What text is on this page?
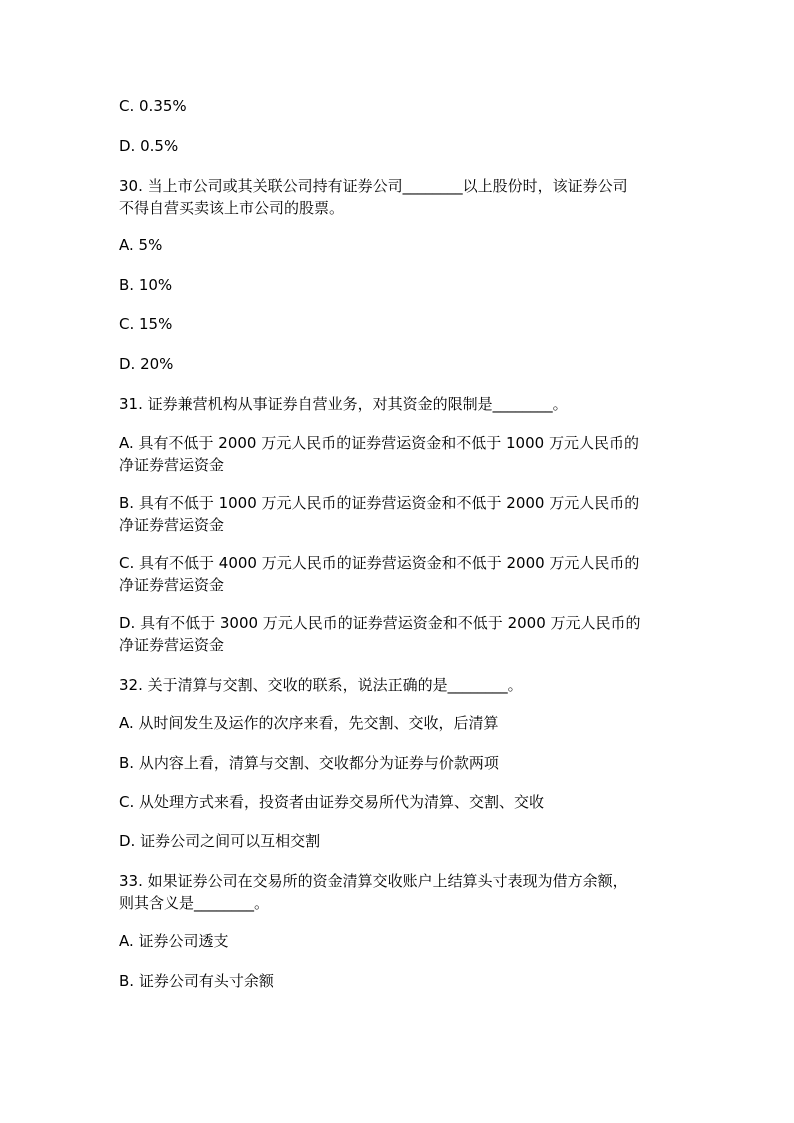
C. 0.35%
D. 0.5%
30. 当上市公司或其关联公司持有证券公司________以上股份时，该证券公司
不得自营买卖该上市公司的股票。
A. 5%
B. 10%
C. 15%
D. 20%
31. 证券兼营机构从事证券自营业务，对其资金的限制是________。
A. 具有不低于 2000 万元人民币的证券营运资金和不低于 1000 万元人民币的
净证券营运资金
B. 具有不低于 1000 万元人民币的证券营运资金和不低于 2000 万元人民币的
净证券营运资金
C. 具有不低于 4000 万元人民币的证券营运资金和不低于 2000 万元人民币的
净证券营运资金
D. 具有不低于 3000 万元人民币的证券营运资金和不低于 2000 万元人民币的
净证券营运资金
32. 关于清算与交割、交收的联系，说法正确的是________。
A. 从时间发生及运作的次序来看，先交割、交收，后清算
B. 从内容上看，清算与交割、交收都分为证券与价款两项
C. 从处理方式来看，投资者由证券交易所代为清算、交割、交收
D. 证券公司之间可以互相交割
33. 如果证券公司在交易所的资金清算交收账户上结算头寸表现为借方余额，
则其含义是________。
A. 证券公司透支
B. 证券公司有头寸余额
